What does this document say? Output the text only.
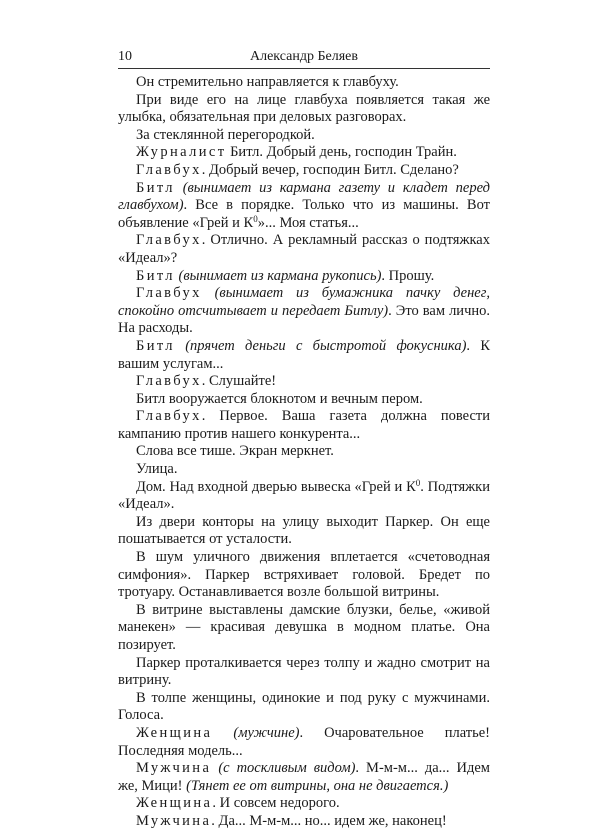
10	Александр Беляев

Он стремительно направляется к главбуху.

При виде его на лице главбуха появляется такая же улыбка, обязательная при деловых разговорах.

За стеклянной перегородкой.

Журналист Битл. Добрый день, господин Трайн.

Главбух. Добрый вечер, господин Битл. Сделано?

Битл (вынимает из кармана газету и кладет перед главбухом). Все в порядке. Только что из машины. Вот объявление «Грей и $К^0$»... Моя статья...

Главбух. Отлично. А рекламный рассказ о подтяжках «Идеал»?

Битл (вынимает из кармана рукопись). Прошу.

Главбух (вынимает из бумажника пачку денег, спокойно отсчитывает и передает Битлу). Это вам лично. На расходы.

Битл (прячет деньги с быстротой фокусника). К вашим услугам...

Главбух. Слушайте!

Битл вооружается блокнотом и вечным пером.

Главбух. Первое. Ваша газета должна повести кампанию против нашего конкурента...

Слова все тише. Экран меркнет.

Улица.

Дом. Над входной дверью вывеска «Грей и $К^0$. Подтяжки «Идеал».

Из двери конторы на улицу выходит Паркер. Он еще пошатывается от усталости.

В шум уличного движения вплетается «счетоводная симфония». Паркер встряхивает головой. Бредет по тротуару. Останавливается возле большой витрины.

В витрине выставлены дамские блузки, белье, «живой манекен» — красивая девушка в модном платье. Она позирует.

Паркер проталкивается через толпу и жадно смотрит на витрину.

В толпе женщины, одинокие и под руку с мужчинами. Голоса.

Женщина (мужчине). Очаровательное платье! Последняя модель...

Мужчина (с тоскливым видом). М-м-м... да... Идем же, Мици! (Тянет ее от витрины, она не двигается.)

Женщина. И совсем недорого.

Мужчина. Да... М-м-м... но... идем же, наконец!
